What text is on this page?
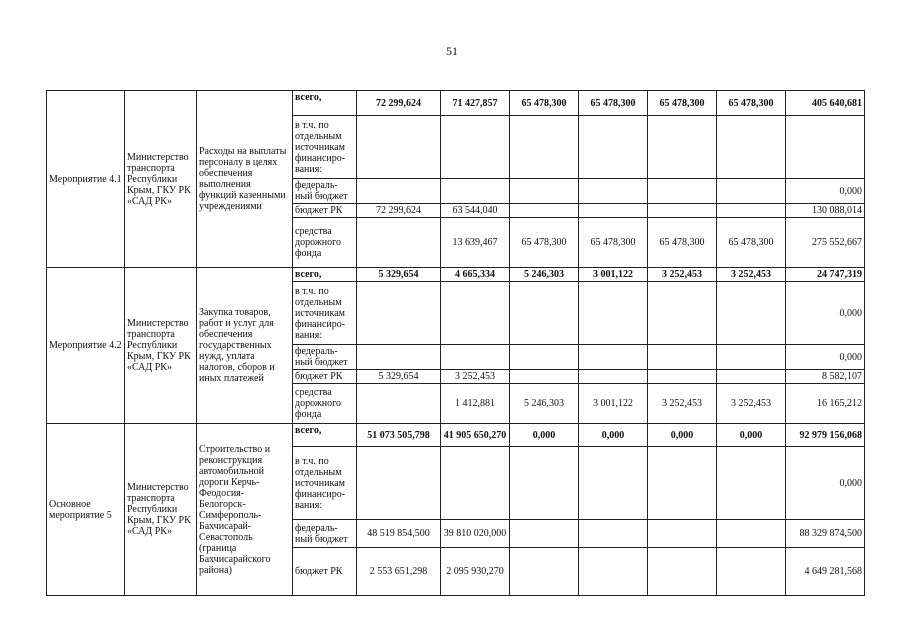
51
Мероприятие 4.1	Министерство транспорта Республики Крым, ГКУ РК «САД РК»	Расходы на выплаты персоналу в целях обеспечения выполнения функций казенными учреждениями	всего,	72 299,624	71 427,857	65 478,300	65 478,300	65 478,300	65 478,300	405 640,681
			в т.ч. по отдельным источникам финансиро-вания:							
			федераль-ный бюджет							0,000
			бюджет РК	72 299,624	63 544,040					130 088,014
			средства дорожного фонда		13 639,467	65 478,300	65 478,300	65 478,300	65 478,300	275 552,667
Мероприятие 4.2	Министерство транспорта Республики Крым, ГКУ РК «САД РК»	Закупка товаров, работ и услуг для обеспечения государственных нужд, уплата налогов, сборов и иных платежей	всего,	5 329,654	4 665,334	5 246,303	3 001,122	3 252,453	3 252,453	24 747,319
			в т.ч. по отдельным источникам финансиро-вания:							0,000
			федераль-ный бюджет							0,000
			бюджет РК	5 329,654	3 252,453					8 582,107
			средства дорожного фонда		1 412,881	5 246,303	3 001,122	3 252,453	3 252,453	16 165,212
Основное мероприятие 5	Министерство транспорта Республики Крым, ГКУ РК «САД РК»	Строительство и реконструкция автомобильной дороги Керчь-Феодосия-Белогорск-Симферополь-Бахчисарай-Севастополь (граница Бахчисарайского района)	всего,	51 073 505,798	41 905 650,270	0,000	0,000	0,000	0,000	92 979 156,068
			в т.ч. по отдельным источникам финансиро-вания:							0,000
			федераль-ный бюджет	48 519 854,500	39 810 020,000					88 329 874,500
			бюджет РК	2 553 651,298	2 095 930,270					4 649 281,568
